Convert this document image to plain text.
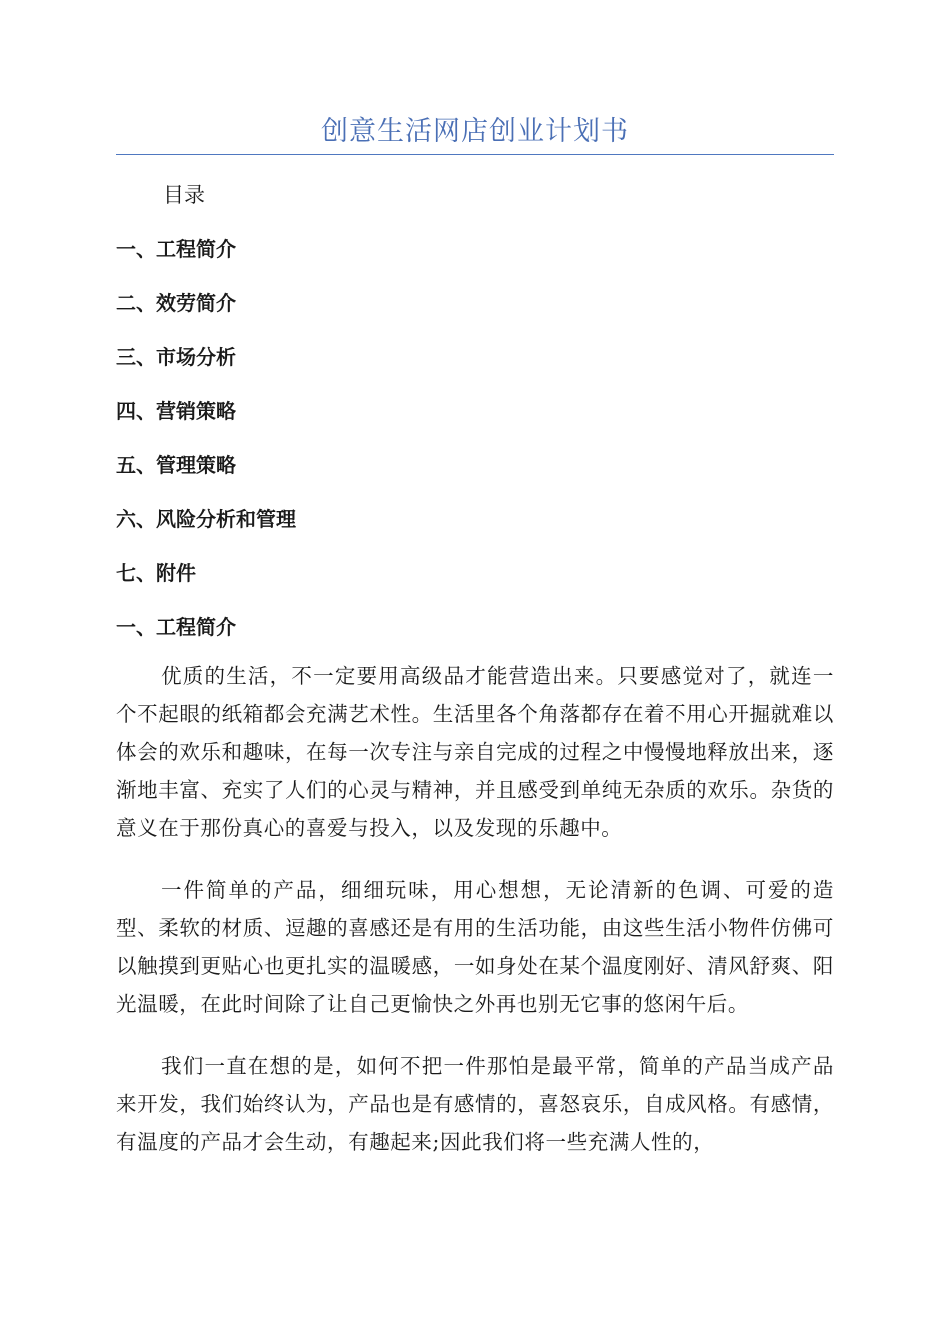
创意生活网店创业计划书
目录
一、工程简介
二、效劳简介
三、市场分析
四、营销策略
五、管理策略
六、风险分析和管理
七、附件
一、工程简介

优质的生活，不一定要用高级品才能营造出来。只要感觉对了，就连一个不起眼的纸箱都会充满艺术性。生活里各个角落都存在着不用心开掘就难以体会的欢乐和趣味，在每一次专注与亲自完成的过程之中慢慢地释放出来，逐渐地丰富、充实了人们的心灵与精神，并且感受到单纯无杂质的欢乐。杂货的意义在于那份真心的喜爱与投入，以及发现的乐趣中。

一件简单的产品，细细玩味，用心想想，无论清新的色调、可爱的造型、柔软的材质、逗趣的喜感还是有用的生活功能，由这些生活小物件仿佛可以触摸到更贴心也更扎实的温暖感，一如身处在某个温度刚好、清风舒爽、阳光温暖，在此时间除了让自己更愉快之外再也别无它事的悠闲午后。

我们一直在想的是，如何不把一件那怕是最平常，简单的产品当成产品来开发，我们始终认为，产品也是有感情的，喜怒哀乐，自成风格。有感情，有温度的产品才会生动，有趣起来;因此我们将一些充满人性的，
